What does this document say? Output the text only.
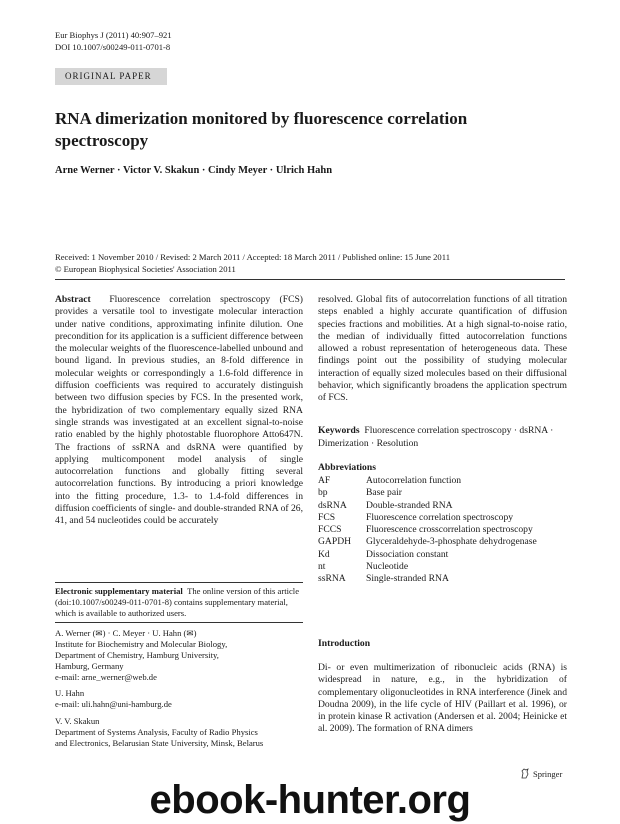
Eur Biophys J (2011) 40:907–921
DOI 10.1007/s00249-011-0701-8
ORIGINAL PAPER
RNA dimerization monitored by fluorescence correlation spectroscopy
Arne Werner · Victor V. Skakun · Cindy Meyer · Ulrich Hahn
Received: 1 November 2010 / Revised: 2 March 2011 / Accepted: 18 March 2011 / Published online: 15 June 2011
© European Biophysical Societies' Association 2011
Abstract Fluorescence correlation spectroscopy (FCS) provides a versatile tool to investigate molecular interaction under native conditions, approximating infinite dilution. One precondition for its application is a sufficient difference between the molecular weights of the fluorescence-labelled unbound and bound ligand. In previous studies, an 8-fold difference in molecular weights or correspondingly a 1.6-fold difference in diffusion coefficients was required to accurately distinguish between two diffusion species by FCS. In the presented work, the hybridization of two complementary equally sized RNA single strands was investigated at an excellent signal-to-noise ratio enabled by the highly photostable fluorophore Atto647N. The fractions of ssRNA and dsRNA were quantified by applying multicomponent model analysis of single autocorrelation functions and globally fitting several autocorrelation functions. By introducing a priori knowledge into the fitting procedure, 1.3- to 1.4-fold differences in diffusion coefficients of single- and double-stranded RNA of 26, 41, and 54 nucleotides could be accurately
resolved. Global fits of autocorrelation functions of all titration steps enabled a highly accurate quantification of diffusion species fractions and mobilities. At a high signal-to-noise ratio, the median of individually fitted autocorrelation functions allowed a robust representation of heterogeneous data. These findings point out the possibility of studying molecular interaction of equally sized molecules based on their diffusional behavior, which significantly broadens the application spectrum of FCS.
Keywords Fluorescence correlation spectroscopy · dsRNA · Dimerization · Resolution
Abbreviations
AF	Autocorrelation function
bp	Base pair
dsRNA	Double-stranded RNA
FCS	Fluorescence correlation spectroscopy
FCCS	Fluorescence crosscorrelation spectroscopy
GAPDH	Glyceraldehyde-3-phosphate dehydrogenase
Kd	Dissociation constant
nt	Nucleotide
ssRNA	Single-stranded RNA
Electronic supplementary material The online version of this article (doi:10.1007/s00249-011-0701-8) contains supplementary material, which is available to authorized users.
A. Werner (✉) · C. Meyer · U. Hahn (✉)
Institute for Biochemistry and Molecular Biology,
Department of Chemistry, Hamburg University,
Hamburg, Germany
e-mail: arne_werner@web.de
U. Hahn
e-mail: uli.hahn@uni-hamburg.de
V. V. Skakun
Department of Systems Analysis, Faculty of Radio Physics
and Electronics, Belarusian State University, Minsk, Belarus
Introduction
Di- or even multimerization of ribonucleic acids (RNA) is widespread in nature, e.g., in the hybridization of complementary oligonucleotides in RNA interference (Jinek and Doudna 2009), in the life cycle of HIV (Paillart et al. 1996), or in protein kinase R activation (Andersen et al. 2004; Heinicke et al. 2009). The formation of RNA dimers
Springer
ebook-hunter.org
